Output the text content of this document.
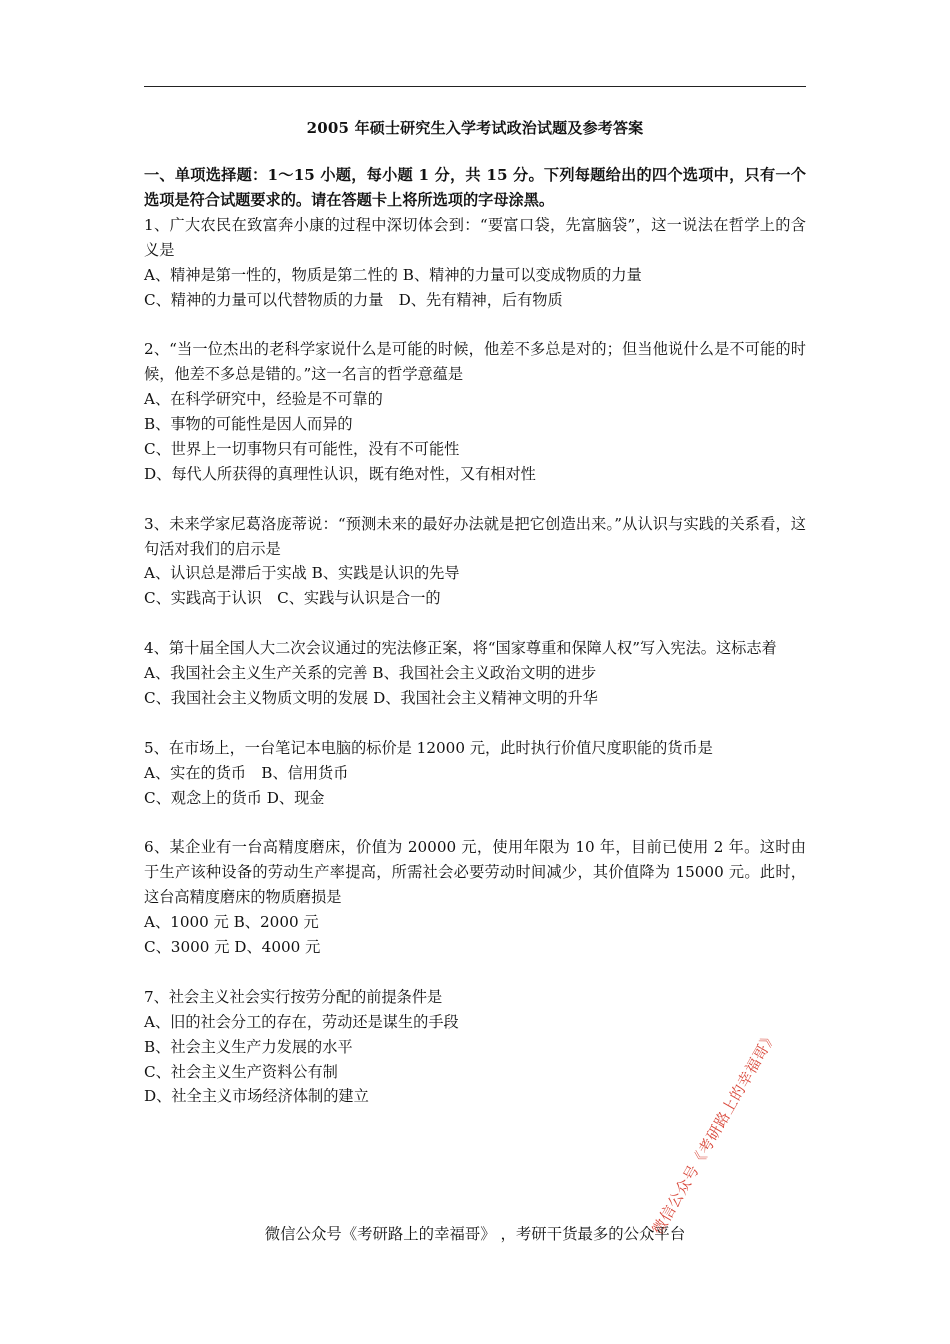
2005 年硕士研究生入学考试政治试题及参考答案

一、单项选择题：1～15 小题，每小题 1 分，共 15 分。下列每题给出的四个选项中，只有一个选项是符合试题要求的。请在答题卡上将所选项的字母涂黑。

1、广大农民在致富奔小康的过程中深切体会到：“要富口袋，先富脑袋”，这一说法在哲学上的含义是

A、精神是第一性的，物质是第二性的 B、精神的力量可以变成物质的力量

C、精神的力量可以代替物质的力量　D、先有精神，后有物质

2、“当一位杰出的老科学家说什么是可能的时候，他差不多总是对的；但当他说什么是不可能的时候，他差不多总是错的。”这一名言的哲学意蕴是

A、在科学研究中，经验是不可靠的

B、事物的可能性是因人而异的

C、世界上一切事物只有可能性，没有不可能性

D、每代人所获得的真理性认识，既有绝对性，又有相对性

3、未来学家尼葛洛庞蒂说：“预测未来的最好办法就是把它创造出来。”从认识与实践的关系看，这句活对我们的启示是

A、认识总是滞后于实战 B、实践是认识的先导

C、实践高于认识　C、实践与认识是合一的

4、第十届全国人大二次会议通过的宪法修正案，将“国家尊重和保障人权”写入宪法。这标志着

A、我国社会主义生产关系的完善 B、我国社会主义政治文明的进步

C、我国社会主义物质文明的发展 D、我国社会主义精神文明的升华

5、在市场上，一台笔记本电脑的标价是 12000 元，此时执行价值尺度职能的货币是

A、实在的货币　B、信用货币

C、观念上的货币 D、现金

6、某企业有一台高精度磨床，价值为 20000 元，使用年限为 10 年，目前已使用 2 年。这时由于生产该种设备的劳动生产率提高，所需社会必要劳动时间减少，其价值降为 15000 元。此时，这台高精度磨床的物质磨损是

A、1000 元 B、2000 元

C、3000 元 D、4000 元

7、社会主义社会实行按劳分配的前提条件是

A、旧的社会分工的存在，劳动还是谋生的手段

B、社会主义生产力发展的水平

C、社会主义生产资料公有制

D、社全主义市场经济体制的建立	微信公众号《考研路上的幸福哥》
微信公众号《考研路上的幸福哥》 ，考研干货最多的公众平台
